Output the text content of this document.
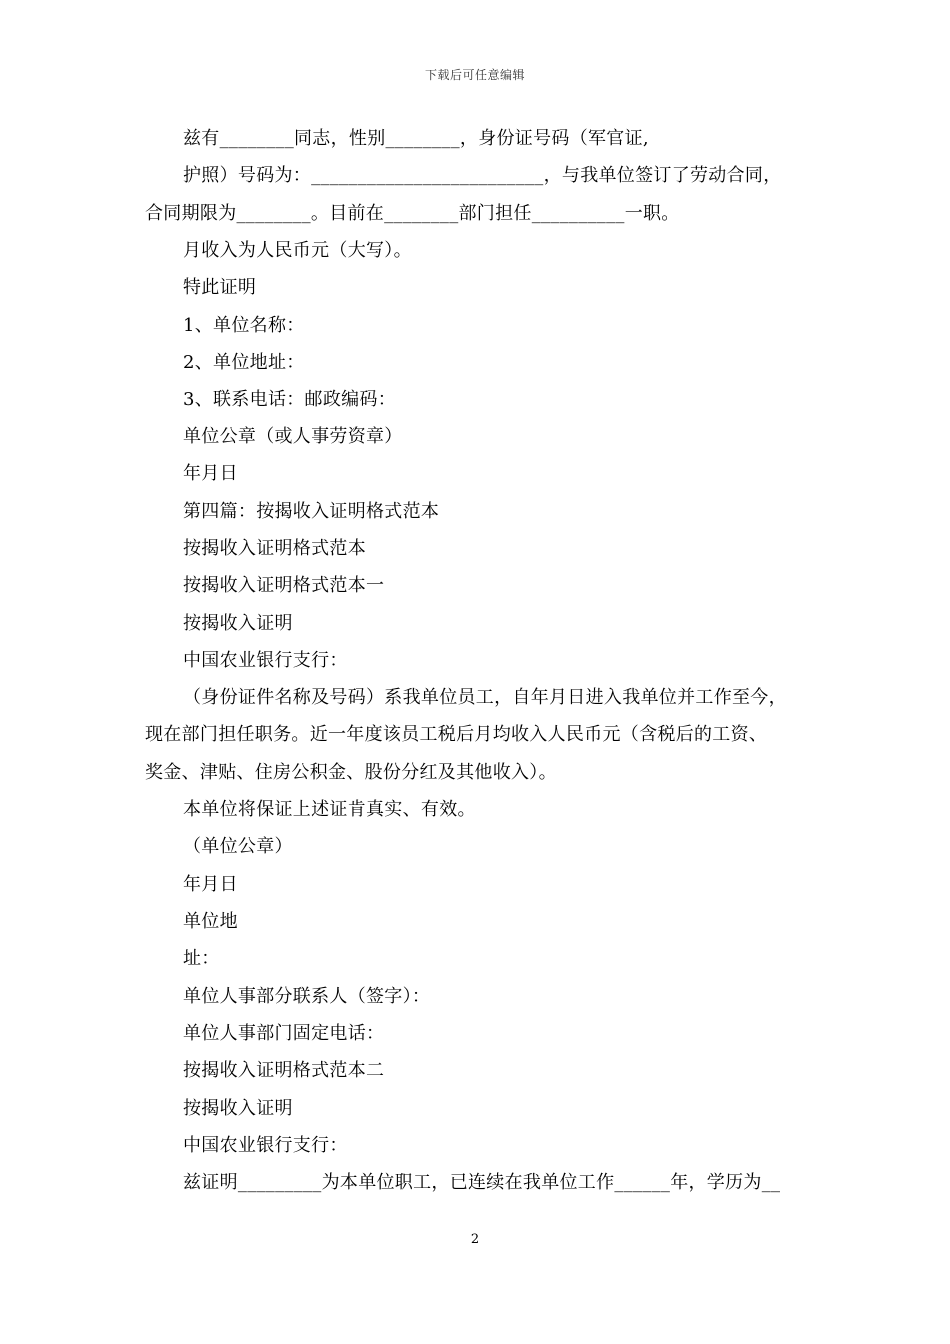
下载后可任意编辑
兹有________同志，性别________，身份证号码（军官证,
护照）号码为：_________________________，与我单位签订了劳动合同，
合同期限为________。目前在________部门担任__________一职。
月收入为人民币元（大写）。
特此证明
1、单位名称：
2、单位地址：
3、联系电话：邮政编码：
单位公章（或人事劳资章）
年月日
第四篇：按揭收入证明格式范本
按揭收入证明格式范本
按揭收入证明格式范本一
按揭收入证明
中国农业银行支行：
（身份证件名称及号码）系我单位员工，自年月日进入我单位并工作至今，
现在部门担任职务。近一年度该员工税后月均收入人民币元（含税后的工资、
奖金、津贴、住房公积金、股份分红及其他收入）。
本单位将保证上述证肯真实、有效。
（单位公章）
年月日
单位地
址：
单位人事部分联系人（签字）：
单位人事部门固定电话：
按揭收入证明格式范本二
按揭收入证明
中国农业银行支行：
兹证明_________为本单位职工，已连续在我单位工作______年，学历为__
2
